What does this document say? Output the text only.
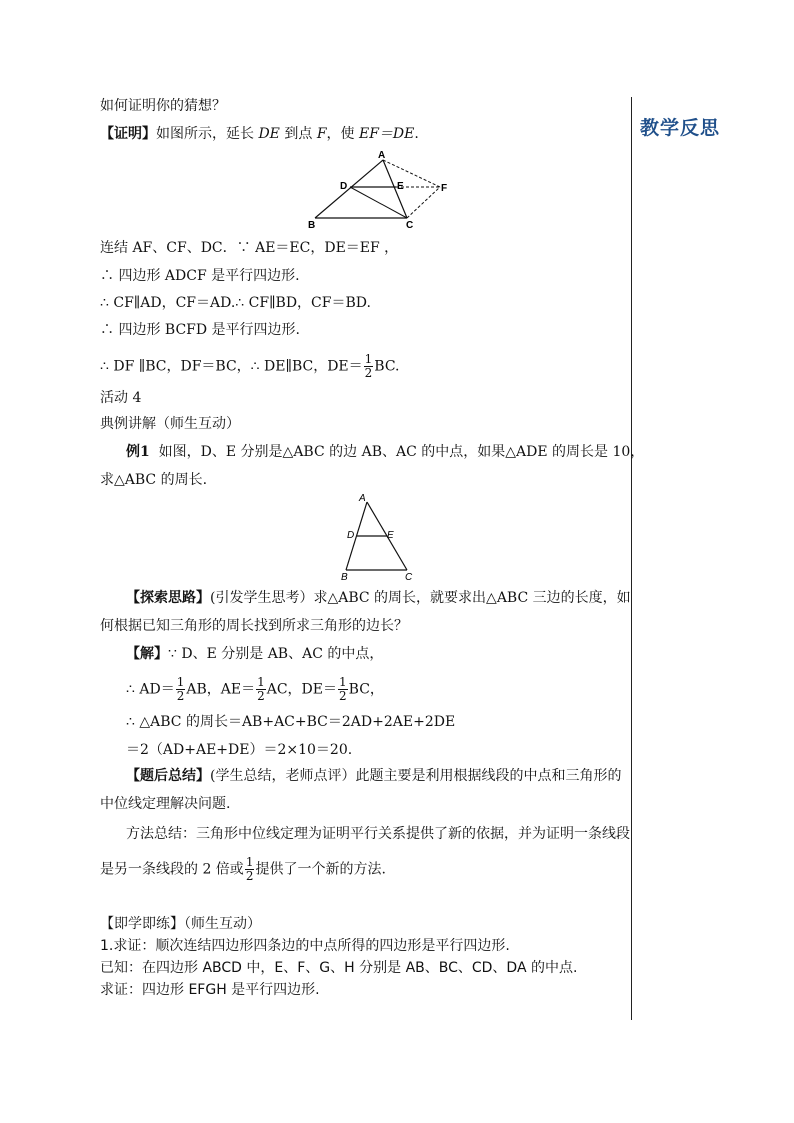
教学反思
如何证明你的猜想？
【证明】如图所示，延长 DE 到点 F，使 EF＝DE.
A
D	E	F
B	C
连结 AF、CF、DC．∵ AE＝EC，DE＝EF ，
∴ 四边形 ADCF 是平行四边形.
∴ CF∥AD，CF＝AD.∴ CF∥BD，CF＝BD.
∴ 四边形 BCFD 是平行四边形.
∴ DF ∥BC，DF＝BC，∴ DE∥BC，$DE= \frac{1}{2}$ BC.
活动 4
典例讲解（师生互动）
例1 如图，D、E 分别是△ABC 的边 AB、AC 的中点，如果△ADE 的周长是 10，
求△ABC 的周长.
A
D	E
B	C
【探索思路】(引发学生思考）求△ABC 的周长，就要求出△ABC 三边的长度，如
何根据已知三角形的周长找到所求三角形的边长？
【解】∵ D、E 分别是 AB、AC 的中点，
∴ $AD= \frac{1}{2}$ AB，$AE= \frac{1}{2}$ AC，$DE= \frac{1}{2}$ BC，
∴ △ABC 的周长＝AB+AC+BC＝2AD+2AE+2DE
＝2（AD+AE+DE）＝2×10＝20.
【题后总结】(学生总结，老师点评）此题主要是利用根据线段的中点和三角形的
中位线定理解决问题.
方法总结：三角形中位线定理为证明平行关系提供了新的依据，并为证明一条线段
是另一条线段的 2 倍或 $\frac{1}{2}$ 提供了一个新的方法.
【即学即练】（师生互动）
1.求证：顺次连结四边形四条边的中点所得的四边形是平行四边形.
已知：在四边形 ABCD 中，E、F、G、H 分别是 AB、BC、CD、DA 的中点.
求证：四边形 EFGH 是平行四边形.
